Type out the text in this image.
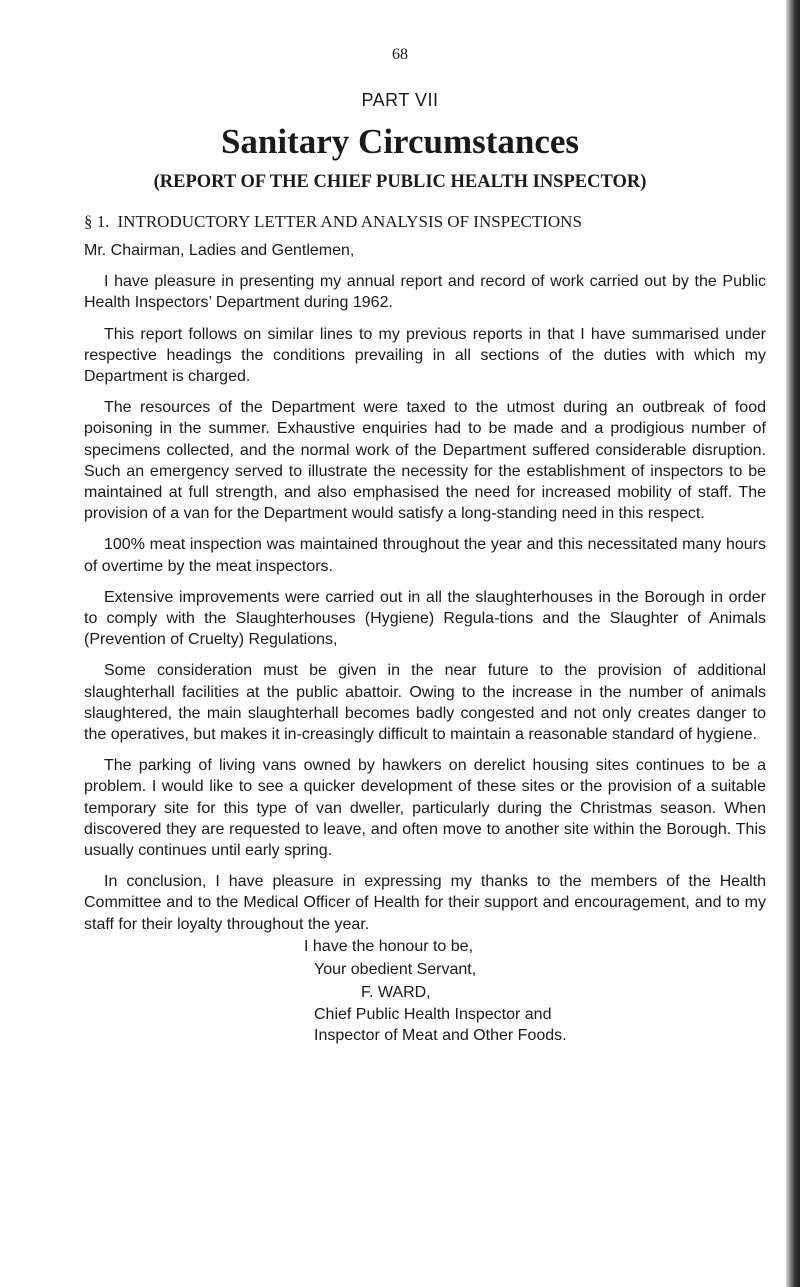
68
PART VII
Sanitary Circumstances
(REPORT OF THE CHIEF PUBLIC HEALTH INSPECTOR)
§ 1. INTRODUCTORY LETTER AND ANALYSIS OF INSPECTIONS

Mr. Chairman, Ladies and Gentlemen,

I have pleasure in presenting my annual report and record of work carried out by the Public Health Inspectors’ Department during 1962.

This report follows on similar lines to my previous reports in that I have summarised under respective headings the conditions prevailing in all sections of the duties with which my Department is charged.

The resources of the Department were taxed to the utmost during an outbreak of food poisoning in the summer. Exhaustive enquiries had to be made and a prodigious number of specimens collected, and the normal work of the Department suffered considerable disruption. Such an emergency served to illustrate the necessity for the establishment of inspectors to be maintained at full strength, and also emphasised the need for increased mobility of staff. The provision of a van for the Department would satisfy a long-standing need in this respect.

100% meat inspection was maintained throughout the year and this necessitated many hours of overtime by the meat inspectors.

Extensive improvements were carried out in all the slaughterhouses in the Borough in order to comply with the Slaughterhouses (Hygiene) Regula-tions and the Slaughter of Animals (Prevention of Cruelty) Regulations,

Some consideration must be given in the near future to the provision of additional slaughterhall facilities at the public abattoir. Owing to the increase in the number of animals slaughtered, the main slaughterhall becomes badly congested and not only creates danger to the operatives, but makes it in-creasingly difficult to maintain a reasonable standard of hygiene.

The parking of living vans owned by hawkers on derelict housing sites continues to be a problem. I would like to see a quicker development of these sites or the provision of a suitable temporary site for this type of van dweller, particularly during the Christmas season. When discovered they are requested to leave, and often move to another site within the Borough. This usually continues until early spring.

In conclusion, I have pleasure in expressing my thanks to the members of the Health Committee and to the Medical Officer of Health for their support and encouragement, and to my staff for their loyalty throughout the year.

I have the honour to be,
Your obedient Servant,
F. WARD,
Chief Public Health Inspector and
Inspector of Meat and Other Foods.
